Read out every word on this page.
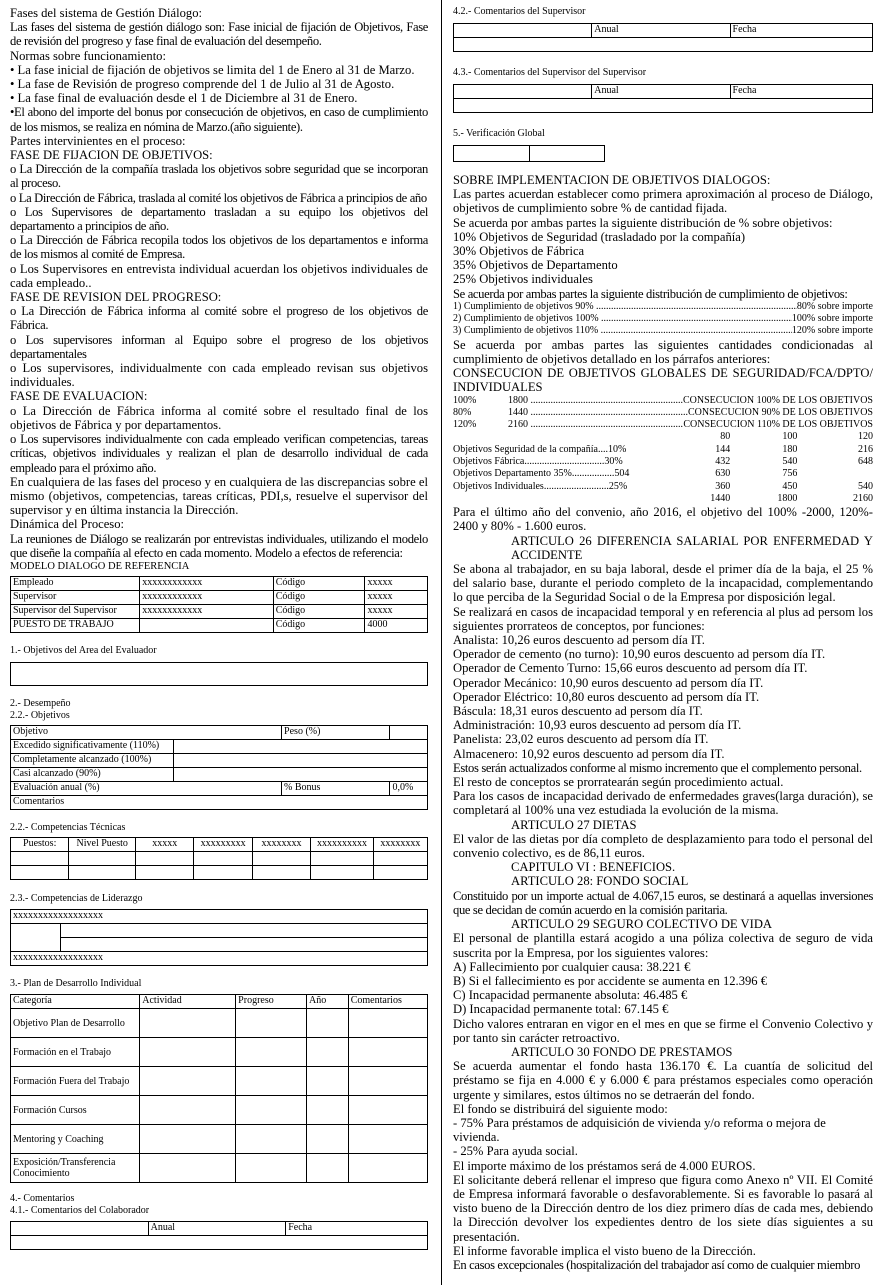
Fases del sistema de Gestión Diálogo:

Las fases del sistema de gestión diálogo son: Fase inicial de fijación de Objetivos, Fase de revisión del progreso y fase final de evaluación del desempeño.

Normas sobre funcionamiento:

• La fase inicial de fijación de objetivos se limita del 1 de Enero al 31 de Marzo.

• La fase de Revisión de progreso comprende del 1 de Julio al 31 de Agosto.

• La fase final de evaluación desde el 1 de Diciembre al 31 de Enero.

•El abono del importe del bonus por consecución de objetivos, en caso de cumplimiento de los mismos, se realiza en nómina de Marzo.(año siguiente).

Partes intervinientes en el proceso:

FASE DE FIJACION DE OBJETIVOS:

o La Dirección de la compañía traslada los objetivos sobre seguridad que se incorporan al proceso.

o La Dirección de Fábrica, traslada al comité los objetivos de Fábrica a principios de año

o Los Supervisores de departamento trasladan a su equipo los objetivos del departamento a principios de año.

o La Dirección de Fábrica recopila todos los objetivos de los departamentos e informa de los mismos al comité de Empresa.

o Los Supervisores en entrevista individual acuerdan los objetivos individuales de cada empleado..

FASE DE REVISION DEL PROGRESO:

o La Dirección de Fábrica informa al comité sobre el progreso de los objetivos de Fábrica.

o Los supervisores informan al Equipo sobre el progreso de los objetivos departamentales

o Los supervisores, individualmente con cada empleado revisan sus objetivos individuales.

FASE DE EVALUACION:

o La Dirección de Fábrica informa al comité sobre el resultado final de los objetivos de Fábrica y por departamentos.

o Los supervisores individualmente con cada empleado verifican competencias, tareas críticas, objetivos individuales y realizan el plan de desarrollo individual de cada empleado para el próximo año.

En cualquiera de las fases del proceso y en cualquiera de las discrepancias sobre el mismo (objetivos, competencias, tareas críticas, PDI,s, resuelve el supervisor del supervisor y en última instancia la Dirección.

Dinámica del Proceso:

La reuniones de Diálogo se realizarán por entrevistas individuales, utilizando el modelo que diseñe la compañía al efecto en cada momento. Modelo a efectos de referencia:

MODELO DIALOGO DE REFERENCIA

Empleado	xxxxxxxxxxxx	Código	xxxxx
Supervisor	xxxxxxxxxxxx	Código	xxxxx
Supervisor del Supervisor	xxxxxxxxxxxx	Código	xxxxx
PUESTO DE TRABAJO		Código	4000

1.- Objetivos del Area del Evaluador

2.- Desempeño

2.2.- Objetivos

Objetivo		Peso (%)	
Excedido significativamente (110%)			
Completamente alcanzado (100%)			
Casi alcanzado (90%)			
Evaluación anual (%)		% Bonus	0,0%
Comentarios			

2.2.- Competencias Técnicas

Puestos:	Nivel Puesto	xxxxx	xxxxxxxxx	xxxxxxxx	xxxxxxxxxx	xxxxxxxx

2.3.- Competencias de Liderazgo

xxxxxxxxxxxxxxxxxx	

xxxxxxxxxxxxxxxxxx	

3.- Plan de Desarrollo Individual

Categoría	Actividad	Progreso	Año	Comentarios
Objetivo Plan de Desarrollo				
Formación en el Trabajo				
Formación Fuera del Trabajo				
Formación Cursos				
Mentoring y Coaching				
Exposición/Transferencia Conocimiento				

4.- Comentarios

4.1.- Comentarios del Colaborador

	Anual	Fecha

4.2.- Comentarios del Supervisor

	Anual	Fecha

4.3.- Comentarios del Supervisor del Supervisor

	Anual	Fecha

5.- Verificación Global

SOBRE IMPLEMENTACION DE OBJETIVOS DIALOGOS:

Las partes acuerdan establecer como primera aproximación al proceso de Diálogo, objetivos de cumplimiento sobre % de cantidad fijada.

Se acuerda por ambas partes la siguiente distribución de % sobre objetivos:

10% Objetivos de Seguridad (trasladado por la compañía)

30% Objetivos de Fábrica

35% Objetivos de Departamento

25% Objetivos individuales

Se acuerda por ambas partes la siguiente distribución de cumplimiento de objetivos:

1) Cumplimiento de objetivos 90% .....	80% sobre importe
2) Cumplimiento de objetivos 100% .....	100% sobre importe
3) Cumplimiento de objetivos 110% .....	120% sobre importe

Se acuerda por ambas partes las siguientes cantidades condicionadas al cumplimiento de objetivos detallado en los párrafos anteriores:

CONSECUCION DE OBJETIVOS GLOBALES DE SEGURIDAD/FCA/DPTO/ INDIVIDUALES

100%	1800 .....	CONSECUCION 100% DE LOS OBJETIVOS
80%	1440 .....	CONSECUCION 90% DE LOS OBJETIVOS
120%	2160 .....	CONSECUCION 110% DE LOS OBJETIVOS
	80	100	120
Objetivos Seguridad de la compañía....10%	144	180	216
Objetivos Fábrica................................30%	432	540	648
Objetivos Departamento 35%.................504	630	756	
Objetivos Individuales..........................25%	360	450	540
	1440	1800	2160

Para el último año del convenio, año 2016, el objetivo del 100% -2000, 120%- 2400 y 80% - 1.600 euros.

ARTICULO 26 DIFERENCIA SALARIAL POR ENFERMEDAD Y ACCIDENTE

Se abona al trabajador, en su baja laboral, desde el primer día de la baja, el 25 % del salario base, durante el periodo completo de la incapacidad, complementando lo que perciba de la Seguridad Social o de la Empresa por disposición legal.

Se realizará en casos de incapacidad temporal y en referencia al plus ad persom los siguientes prorrateos de conceptos, por funciones:

Analista: 10,26 euros descuento ad persom día IT.

Operador de cemento (no turno): 10,90 euros descuento ad persom día IT.

Operador de Cemento Turno: 15,66 euros descuento ad persom día IT.

Operador Mecánico: 10,90 euros descuento ad persom día IT.

Operador Eléctrico: 10,80 euros descuento ad persom día IT.

Báscula: 18,31 euros descuento ad persom día IT.

Administración: 10,93 euros descuento ad persom día IT.

Panelista: 23,02 euros descuento ad persom día IT.

Almacenero: 10,92 euros descuento ad persom día IT.

Estos serán actualizados conforme al mismo incremento que el complemento personal.

El resto de conceptos se prorratearán según procedimiento actual.

Para los casos de incapacidad derivado de enfermedades graves(larga duración), se completará al 100% una vez estudiada la evolución de la misma.

ARTICULO 27 DIETAS

El valor de las dietas por día completo de desplazamiento para todo el personal del convenio colectivo, es de 86,11 euros.

CAPITULO VI : BENEFICIOS.

ARTICULO 28: FONDO SOCIAL

Constituido por un importe actual de 4.067,15 euros, se destinará a aquellas inversiones que se decidan de común acuerdo en la comisión paritaria.

ARTICULO 29 SEGURO COLECTIVO DE VIDA

El personal de plantilla estará acogido a una póliza colectiva de seguro de vida suscrita por la Empresa, por los siguientes valores:

A) Fallecimiento por cualquier causa: 38.221 €

B) Si el fallecimiento es por accidente se aumenta en 12.396 €

C) Incapacidad permanente absoluta: 46.485 €

D) Incapacidad permanente total: 67.145 €

Dicho valores entraran en vigor en el mes en que se firme el Convenio Colectivo y por tanto sin carácter retroactivo.

ARTICULO 30 FONDO DE PRESTAMOS

Se acuerda aumentar el fondo hasta 136.170 €. La cuantía de solicitud del préstamo se fija en 4.000 € y 6.000 € para préstamos especiales como operación urgente y similares, estos últimos no se detraerán del fondo.

El fondo se distribuirá del siguiente modo:

- 75% Para préstamos de adquisición de vivienda y/o reforma o mejora de vivienda.

- 25% Para ayuda social.

El importe máximo de los préstamos será de 4.000 EUROS.

El solicitante deberá rellenar el impreso que figura como Anexo nº VII. El Comité de Empresa informará favorable o desfavorablemente. Si es favorable lo pasará al visto bueno de la Dirección dentro de los diez primero días de cada mes, debiendo la Dirección devolver los expedientes dentro de los siete días siguientes a su presentación.

El informe favorable implica el visto bueno de la Dirección.

En casos excepcionales (hospitalización del trabajador así como de cualquier miembro
